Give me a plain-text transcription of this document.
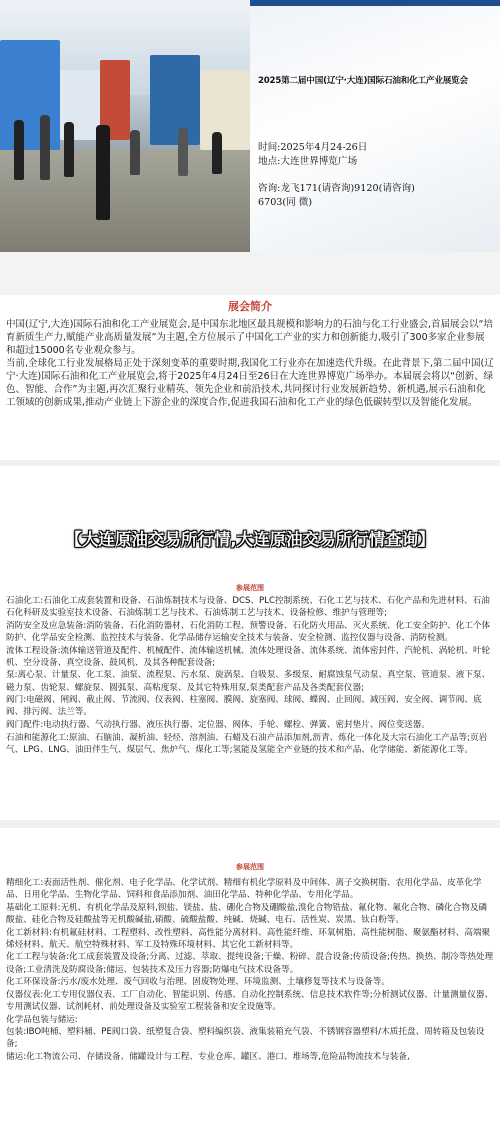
2025第二届中国(辽宁·大连)国际石油和化工产业展览会
时间:2025年4月24-26日
地点:大连世界博览广场
咨询:龙飞171(请咨询)9120(请咨询)
6703(同 微)
展会简介

中国(辽宁,大连)国际石油和化工产业展览会,是中国东北地区最具规模和影响力的石油与化工行业盛会,首届展会以“培育新质生产力,赋能产业高质量发展”为主题,全方位展示了中国化工产业的实力和创新能力,吸引了300多家企业参展和超过15000名专业观众参与。

当前,全球化工行业发展格局正处于深刻变革的重要时期,我国化工行业亦在加速迭代升级。在此背景下,第二届中国(辽宁·大连)国际石油和化工产业展览会,将于2025年4月24日至26日在大连世界博览广场举办。本届展会将以“创新、绿色、智能、合作”为主题,再次汇聚行业精英、领先企业和前沿技术,共同探讨行业发展新趋势、新机遇,展示石油和化工领域的创新成果,推动产业链上下游企业的深度合作,促进我国石油和化工产业的绿色低碳转型以及智能化发展。

【大连原油交易所行情,大连原油交易所行情查询】
参展范围

石油化工:石油化工成套装置和设备、石油炼制技术与设备、DCS、PLC控制系统、石化工艺与技术、石化产品和先进材料、石油石化科研及实验室技术设备、石油炼制工艺与技术、石油炼制工艺与技术、设备检修、维护与管理等;

消防安全及应急装备:消防装备、石化消防器材、石化消防工程、预警设备、石化防火用品、灭火系统、化工安全防护、化工个体防护、化学品安全检测、监控技术与装备、化学品储存运输安全技术与装备、安全检测、监控仪器与设备、消防检测。

流体工程设备:流体输送管道及配件、机械配件、流体输送机械、流体处理设备、流体系统、流体密封件、汽轮机、涡轮机、叶轮机、空分设备、真空设备、鼓风机、及其各种配套设备;

泵:离心泵、计量泵、化工泵、油泵、流程泵、污水泵、旋涡泵、自吸泵、多级泵、耐腐蚀泵气动泵、真空泵、管道泵、液下泵、磁力泵、齿轮泵、螺旋泵、圆弧泵、高粘度泵、及其它特殊用泵,泵类配套产品及各类配套仪器;

阀门:电磁阀、闸阀、截止阀、节流阀、仪表阀、柱塞阀、膜阀、旋塞阀、球阀、蝶阀、止回阀、减压阀、安全阀、调节阀、底阀、排污阀、法兰等。

阀门配件:电动执行器、气动执行器、液压执行器、定位器、阀体、手轮、螺栓、弹簧、密封垫片、阀位变送器。

石油和能源化工:原油、石脑油、凝析油、轻烃、溶剂油、石蜡及石油产品添加剂,沥青、炼化一体化及大宗石油化工产品等;页岩气、LPG、LNG、油田伴生气、煤层气、焦炉气、煤化工等;氢能及氢能全产业链的技术和产品、化学储能、新能源化工等。

参展范围

精细化工:表面活性剂、催化剂、电子化学品、化学试剂、精细有机化学原料及中间体、离子交换树脂、农用化学品、皮革化学品、日用化学品、生物化学品、饲料和食品添加剂、油田化学品、特种化学品、专用化学品。

基础化工原料:无机、有机化学品及原料,钡盐、镁盐、盐、硼化合物及硼酸盐,溴化合物锆盐、氟化物、氟化合物、磷化合物及磷酸盐、硅化合物及硅酸盐等无机酸碱盐,硝酸、硫酸盐酸、纯碱、烧碱、电石、活性炭、炭黑、钛白粉等。

化工新材料:有机氟硅材料、工程塑料、改性塑料、高性能分离材料、高性能纤维、环氧树脂、高性能树脂、聚氨酯材料、高端聚烯烃材料、航天、航空特殊材料、军工及特殊环境材料、其它化工新材料等。

化工工程与装备:化工成套装置及设备;分离、过滤、萃取、提纯设备;干燥、粉碎、混合设备;传质设备;传热、换热、制冷等热处理设备;工业清洗及防腐设备;储运、包装技术及压力容器;防爆电气技术设备等。

化工环保设备:污水/废水处理、废气回收与治理、固废物处理、环境监测、土壤修复等技术与设备等。

仪器仪表:化工专用仪器仪表、工厂自动化、智能识别、传感、自动化控制系统、信息技术软件等;分析测试仪器、计量测量仪器、专用测试仪器、试剂耗材、前处理设备及实验室工程装备和安全设施等。

化学品包装与储运:

包装:IBO吨桶、塑料桶、PE阀口袋、纸塑复合袋、塑料编织袋、液集装箱充气袋、不锈钢容器塑料/木质托盘、周转箱及包装设备;

储运:化工物流公司、存储设备、储罐设计与工程、专业仓库、罐区、港口、堆场等,危险品物流技术与装备,
